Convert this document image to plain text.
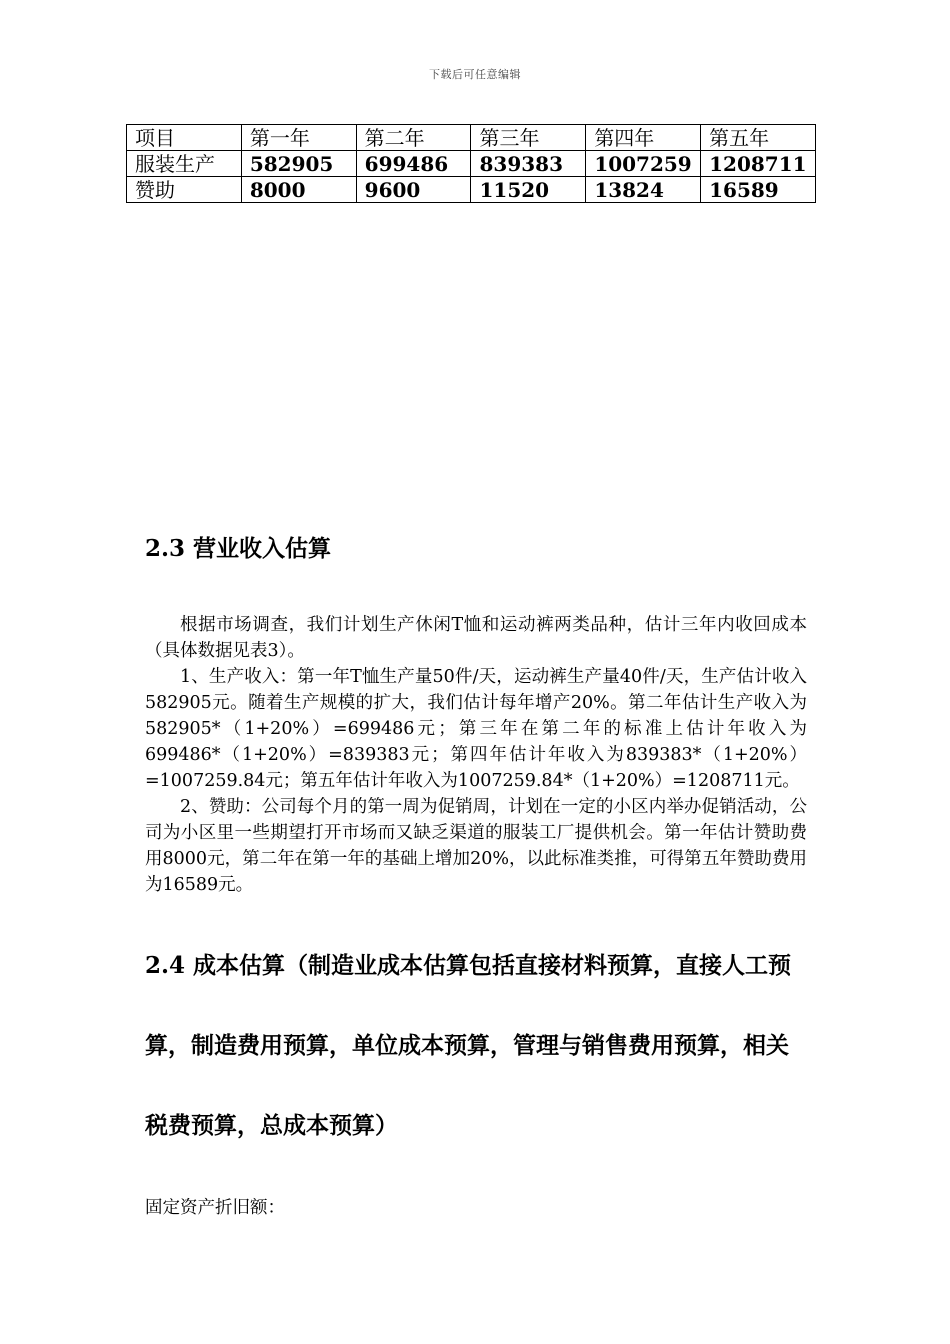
下载后可任意编辑
项目	第一年	第二年	第三年	第四年	第五年
服装生产	582905	699486	839383	1007259	1208711
赞助	8000	9600	11520	13824	16589
2.3 营业收入估算

根据市场调查，我们计划生产休闲T恤和运动裤两类品种，估计三年内收回成本（具体数据见表3）。

1、生产收入：第一年T恤生产量50件/天，运动裤生产量40件/天，生产估计收入582905元。随着生产规模的扩大，我们估计每年增产20%。第二年估计生产收入为582905*（1+20%）=699486元；第三年在第二年的标准上估计年收入为699486*（1+20%）=839383元；第四年估计年收入为839383*（1+20%）=1007259.84元；第五年估计年收入为1007259.84*（1+20%）=1208711元。

2、赞助：公司每个月的第一周为促销周，计划在一定的小区内举办促销活动，公司为小区里一些期望打开市场而又缺乏渠道的服装工厂提供机会。第一年估计赞助费用8000元，第二年在第一年的基础上增加20%，以此标准类推，可得第五年赞助费用为16589元。

2.4 成本估算（制造业成本估算包括直接材料预算，直接人工预算，制造费用预算，单位成本预算，管理与销售费用预算，相关税费预算，总成本预算）
固定资产折旧额：
